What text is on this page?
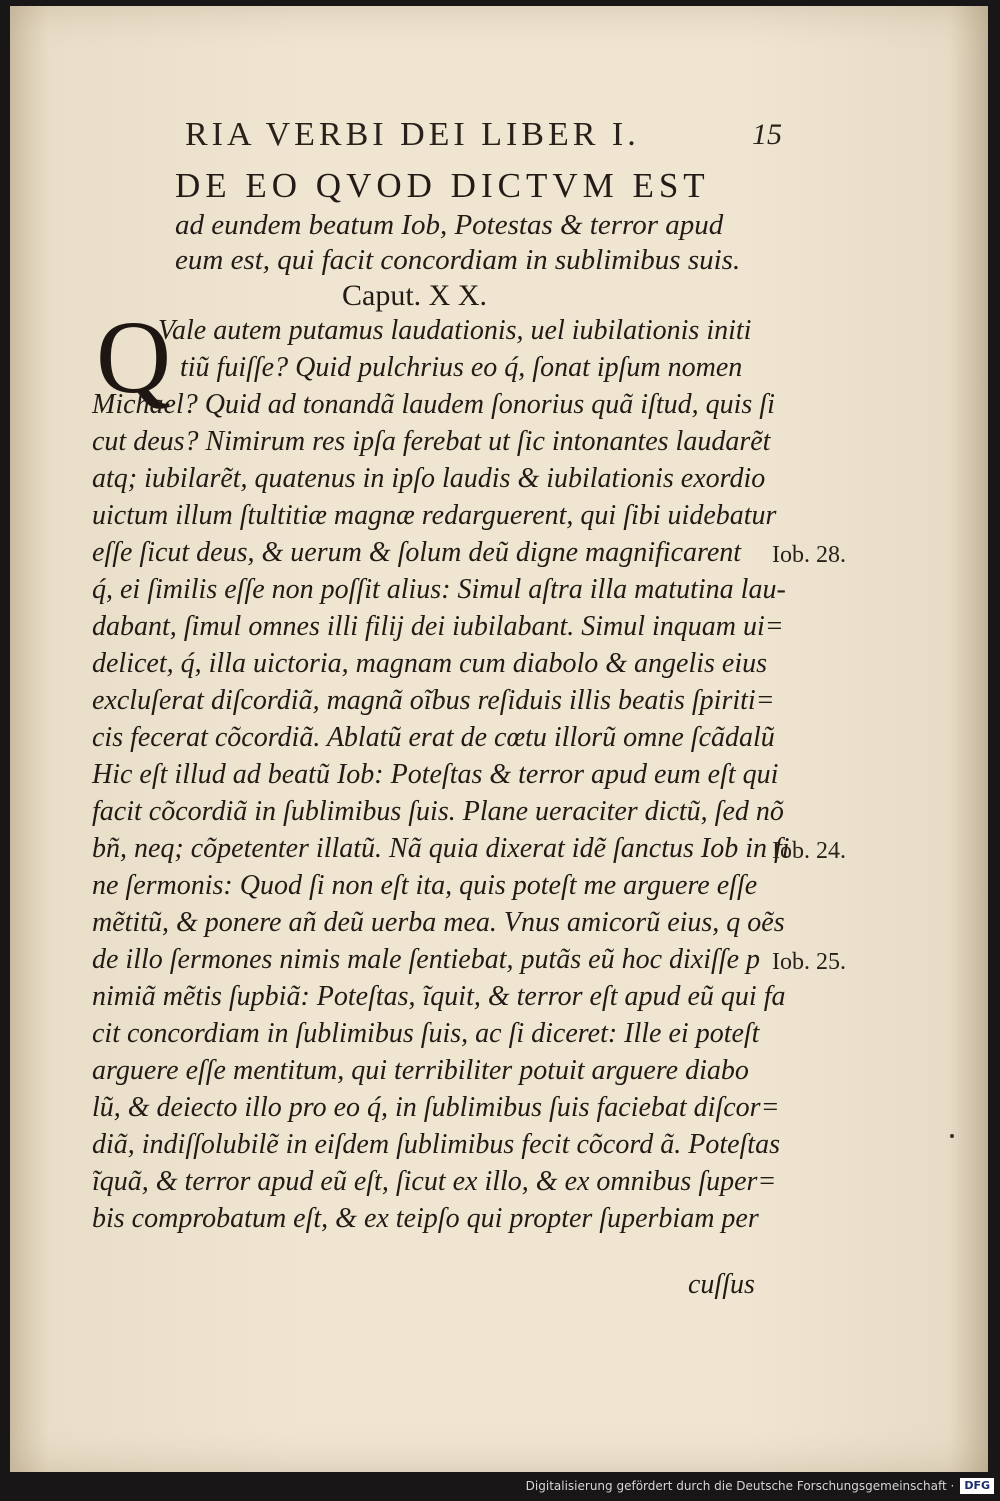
RIA VERBI DEI LIBER I.	15
DE EO QVOD DICTVM EST
ad eundem beatum Iob, Potestas & terror apud
eum est, qui facit concordiam in sublimibus suis.
Caput. X X.
Q
Vale autem putamus laudationis, uel iubilationis initi
tiũ fuiſſe? Quid pulchrius eo q́, ſonat ipſum nomen
Michael? Quid ad tonandã laudem ſonorius quã iſtud, quis ſi
cut deus? Nimirum res ipſa ferebat ut ſic intonantes laudarẽt
atq; iubilarẽt, quatenus in ipſo laudis & iubilationis exordio
uictum illum ſtultitiæ magnæ redarguerent, qui ſibi uidebatur
eſſe ſicut deus, & uerum & ſolum deũ digne magnificarent
q́, ei ſimilis eſſe non poſſit alius: Simul aſtra illa matutina lau-
dabant, ſimul omnes illi filij dei iubilabant. Simul inquam ui=
delicet, q́, illa uictoria, magnam cum diabolo & angelis eius
excluſerat diſcordiã, magnã oĩbus reſiduis illis beatis ſpiriti=
cis fecerat cõcordiã. Ablatũ erat de cœtu illorũ omne ſcãdalũ
Hic eſt illud ad beatũ Iob: Poteſtas & terror apud eum eſt qui
facit cõcordiã in ſublimibus ſuis. Plane ueraciter dictũ, ſed nõ
bñ, neq; cõpetenter illatũ. Nã quia dixerat idẽ ſanctus Iob in fi
ne ſermonis: Quod ſi non eſt ita, quis poteſt me arguere eſſe
mẽtitũ, & ponere añ deũ uerba mea. Vnus amicorũ eius, q oẽs
de illo ſermones nimis male ſentiebat, putãs eũ hoc dixiſſe p
nimiã mẽtis ſupbiã: Poteſtas, ĩquit, & terror eſt apud eũ qui fa
cit concordiam in ſublimibus ſuis, ac ſi diceret: Ille ei poteſt
arguere eſſe mentitum, qui terribiliter potuit arguere diabo
lũ, & deiecto illo pro eo q́, in ſublimibus ſuis faciebat diſcor=
diã, indiſſolubilẽ in eiſdem ſublimibus fecit cõcord ã. Poteſtas
ĩquã, & terror apud eũ eſt, ſicut ex illo, & ex omnibus ſuper=
bis comprobatum eſt, & ex teipſo qui propter ſuperbiam per
cuſſus
Iob. 28.
Iob. 24.
Iob. 25.
Digitalisierung gefördert durch die Deutsche Forschungsgemeinschaft · DFG
